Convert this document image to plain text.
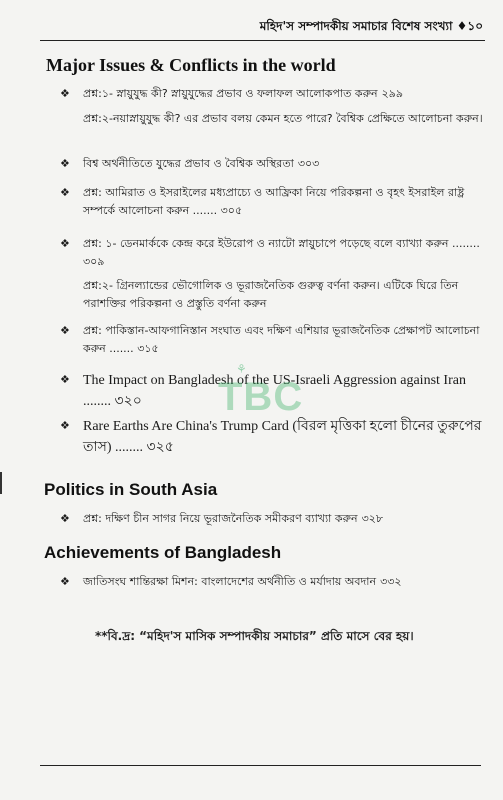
মহিদ'স সম্পাদকীয় সমাচার বিশেষ সংখ্যা ♦১০
Major Issues & Conflicts in the world
❖	প্রশ্ন:১- স্নায়ুযুদ্ধ কী? স্নায়ুযুদ্ধের প্রভাব ও ফলাফল আলোকপাত করুন ২৯৯
প্রশ্ন:২-নয়াস্নায়ুযুদ্ধ কী? এর প্রভাব বলয় কেমন হতে পারে? বৈশ্বিক প্রেক্ষিতে আলোচনা করুন।
❖	বিশ্ব অর্থনীতিতে যুদ্ধের প্রভাব ও বৈশ্বিক অস্থিরতা ৩০৩
❖	প্রশ্ন: আমিরাত ও ইসরাইলের মধ্যপ্রাচ্যে ও আফ্রিকা নিয়ে পরিকল্পনা ও বৃহৎ ইসরাইল রাষ্ট্র সম্পর্কে আলোচনা করুন ....... ৩০৫
❖	প্রশ্ন: ১- ডেনমার্ককে কেন্দ্র করে ইউরোপ ও ন্যাটো স্নায়ুচাপে পড়েছে বলে ব্যাখ্যা করুন ........ ৩০৯
প্রশ্ন:২- গ্রিনল্যান্ডের ভৌগোলিক ও ভূরাজনৈতিক গুরুত্ব বর্ণনা করুন। এটিকে ঘিরে তিন পরাশক্তির পরিকল্পনা ও প্রস্তুতি বর্ণনা করুন
❖	প্রশ্ন: পাকিস্তান-আফগানিস্তান সংঘাত এবং দক্ষিণ এশিয়ার ভূরাজনৈতিক প্রেক্ষাপট আলোচনা করুন ....... ৩১৫
❖ The Impact on Bangladesh of the US-Israeli Aggression against Iran ........ ৩২০
❖ Rare Earths Are China's Trump Card (বিরল মৃত্তিকা হলো চীনের তুরুপের তাস) ........ ৩২৫
Politics in South Asia
❖	প্রশ্ন: দক্ষিণ চীন সাগর নিয়ে ভূরাজনৈতিক সমীকরণ ব্যাখ্যা করুন ৩২৮
Achievements of Bangladesh
❖	জাতিসংঘ শান্তিরক্ষা মিশন: বাংলাদেশের অর্থনীতি ও মর্যাদায় অবদান ৩৩২
**বি.দ্র: “মহিদ'স মাসিক সম্পাদকীয় সমাচার” প্রতি মাসে বের হয়।
⚘
TBC
